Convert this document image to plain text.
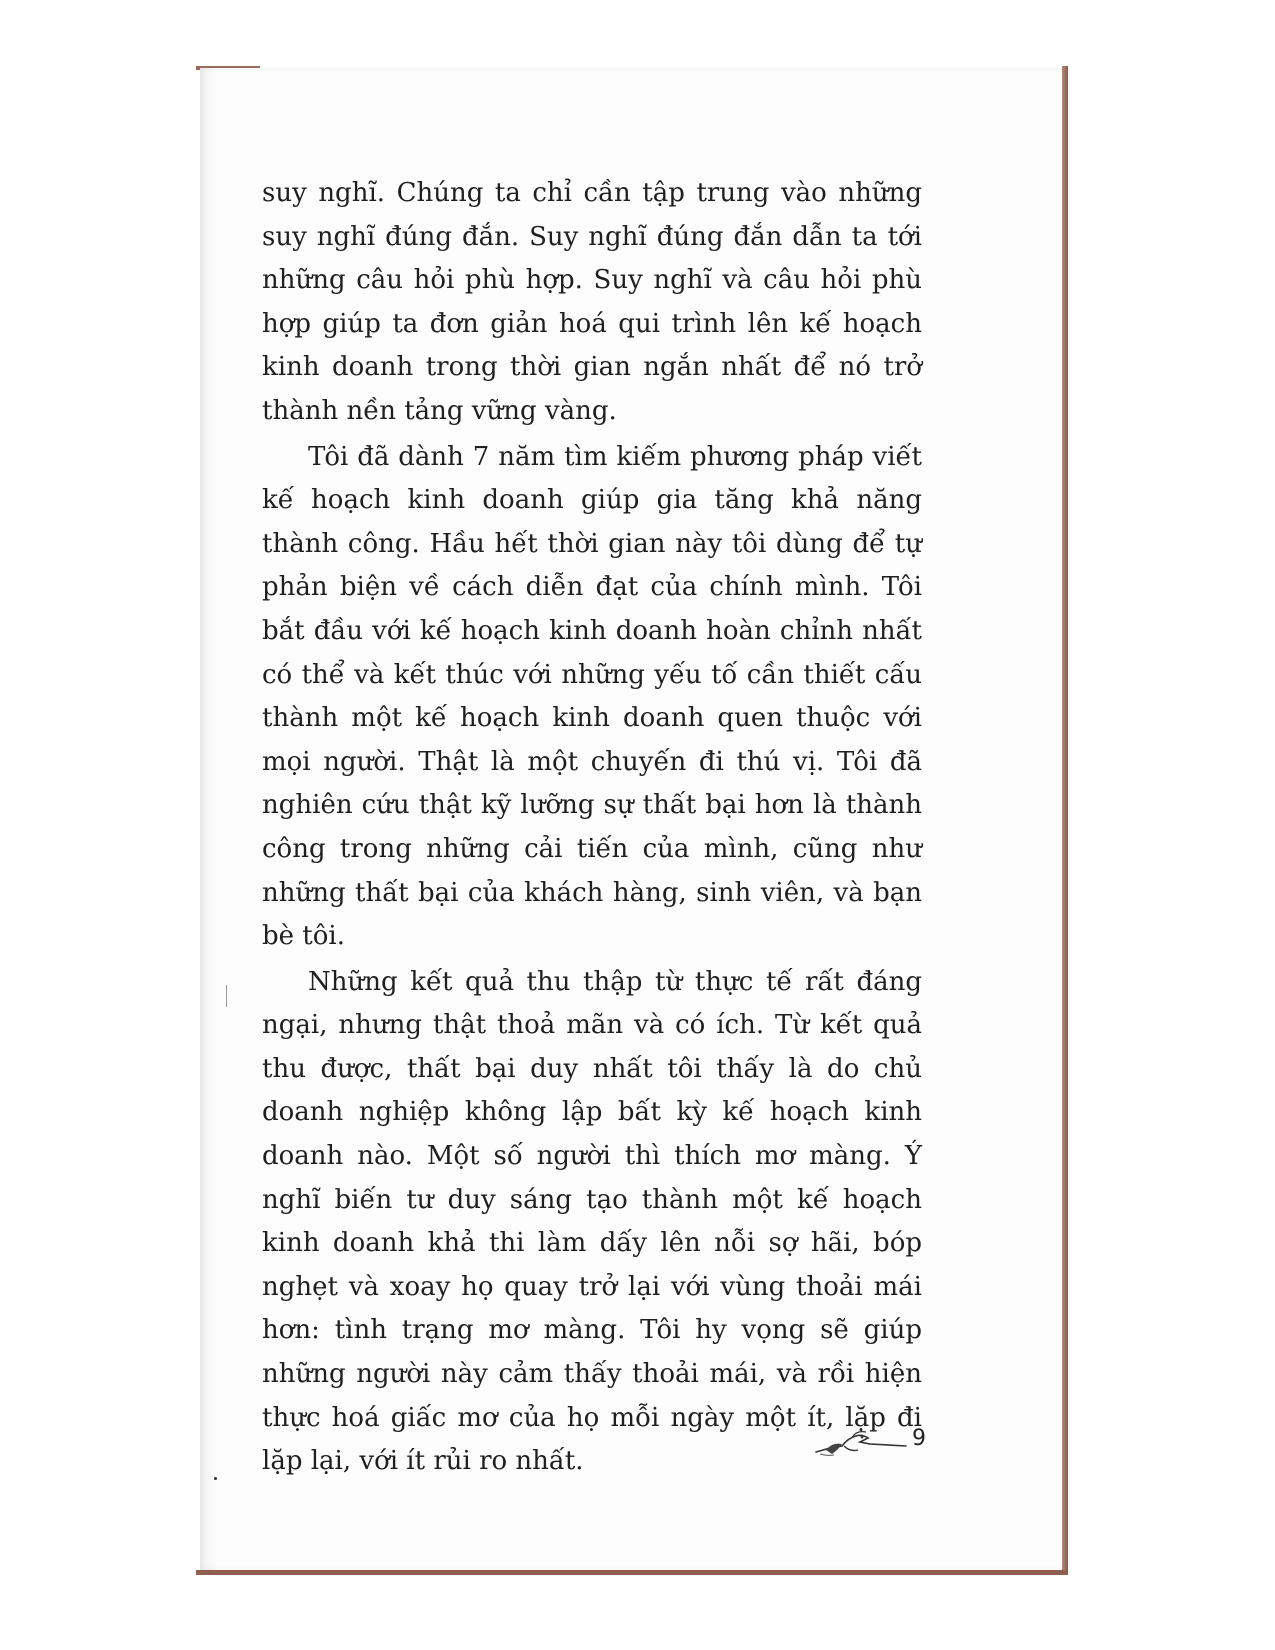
suy nghĩ. Chúng ta chỉ cần tập trung vào những suy nghĩ đúng đắn. Suy nghĩ đúng đắn dẫn ta tới những câu hỏi phù hợp. Suy nghĩ và câu hỏi phù hợp giúp ta đơn giản hoá qui trình lên kế hoạch kinh doanh trong thời gian ngắn nhất để nó trở thành nền tảng vững vàng.

Tôi đã dành 7 năm tìm kiếm phương pháp viết kế hoạch kinh doanh giúp gia tăng khả năng thành công. Hầu hết thời gian này tôi dùng để tự phản biện về cách diễn đạt của chính mình. Tôi bắt đầu với kế hoạch kinh doanh hoàn chỉnh nhất có thể và kết thúc với những yếu tố cần thiết cấu thành một kế hoạch kinh doanh quen thuộc với mọi người. Thật là một chuyến đi thú vị. Tôi đã nghiên cứu thật kỹ lưỡng sự thất bại hơn là thành công trong những cải tiến của mình, cũng như những thất bại của khách hàng, sinh viên, và bạn bè tôi.

Những kết quả thu thập từ thực tế rất đáng ngại, nhưng thật thoả mãn và có ích. Từ kết quả thu được, thất bại duy nhất tôi thấy là do chủ doanh nghiệp không lập bất kỳ kế hoạch kinh doanh nào. Một số người thì thích mơ màng. Ý nghĩ biến tư duy sáng tạo thành một kế hoạch kinh doanh khả thi làm dấy lên nỗi sợ hãi, bóp nghẹt và xoay họ quay trở lại với vùng thoải mái hơn: tình trạng mơ màng. Tôi hy vọng sẽ giúp những người này cảm thấy thoải mái, và rồi hiện thực hoá giấc mơ của họ mỗi ngày một ít, lặp đi lặp lại, với ít rủi ro nhất.

9
